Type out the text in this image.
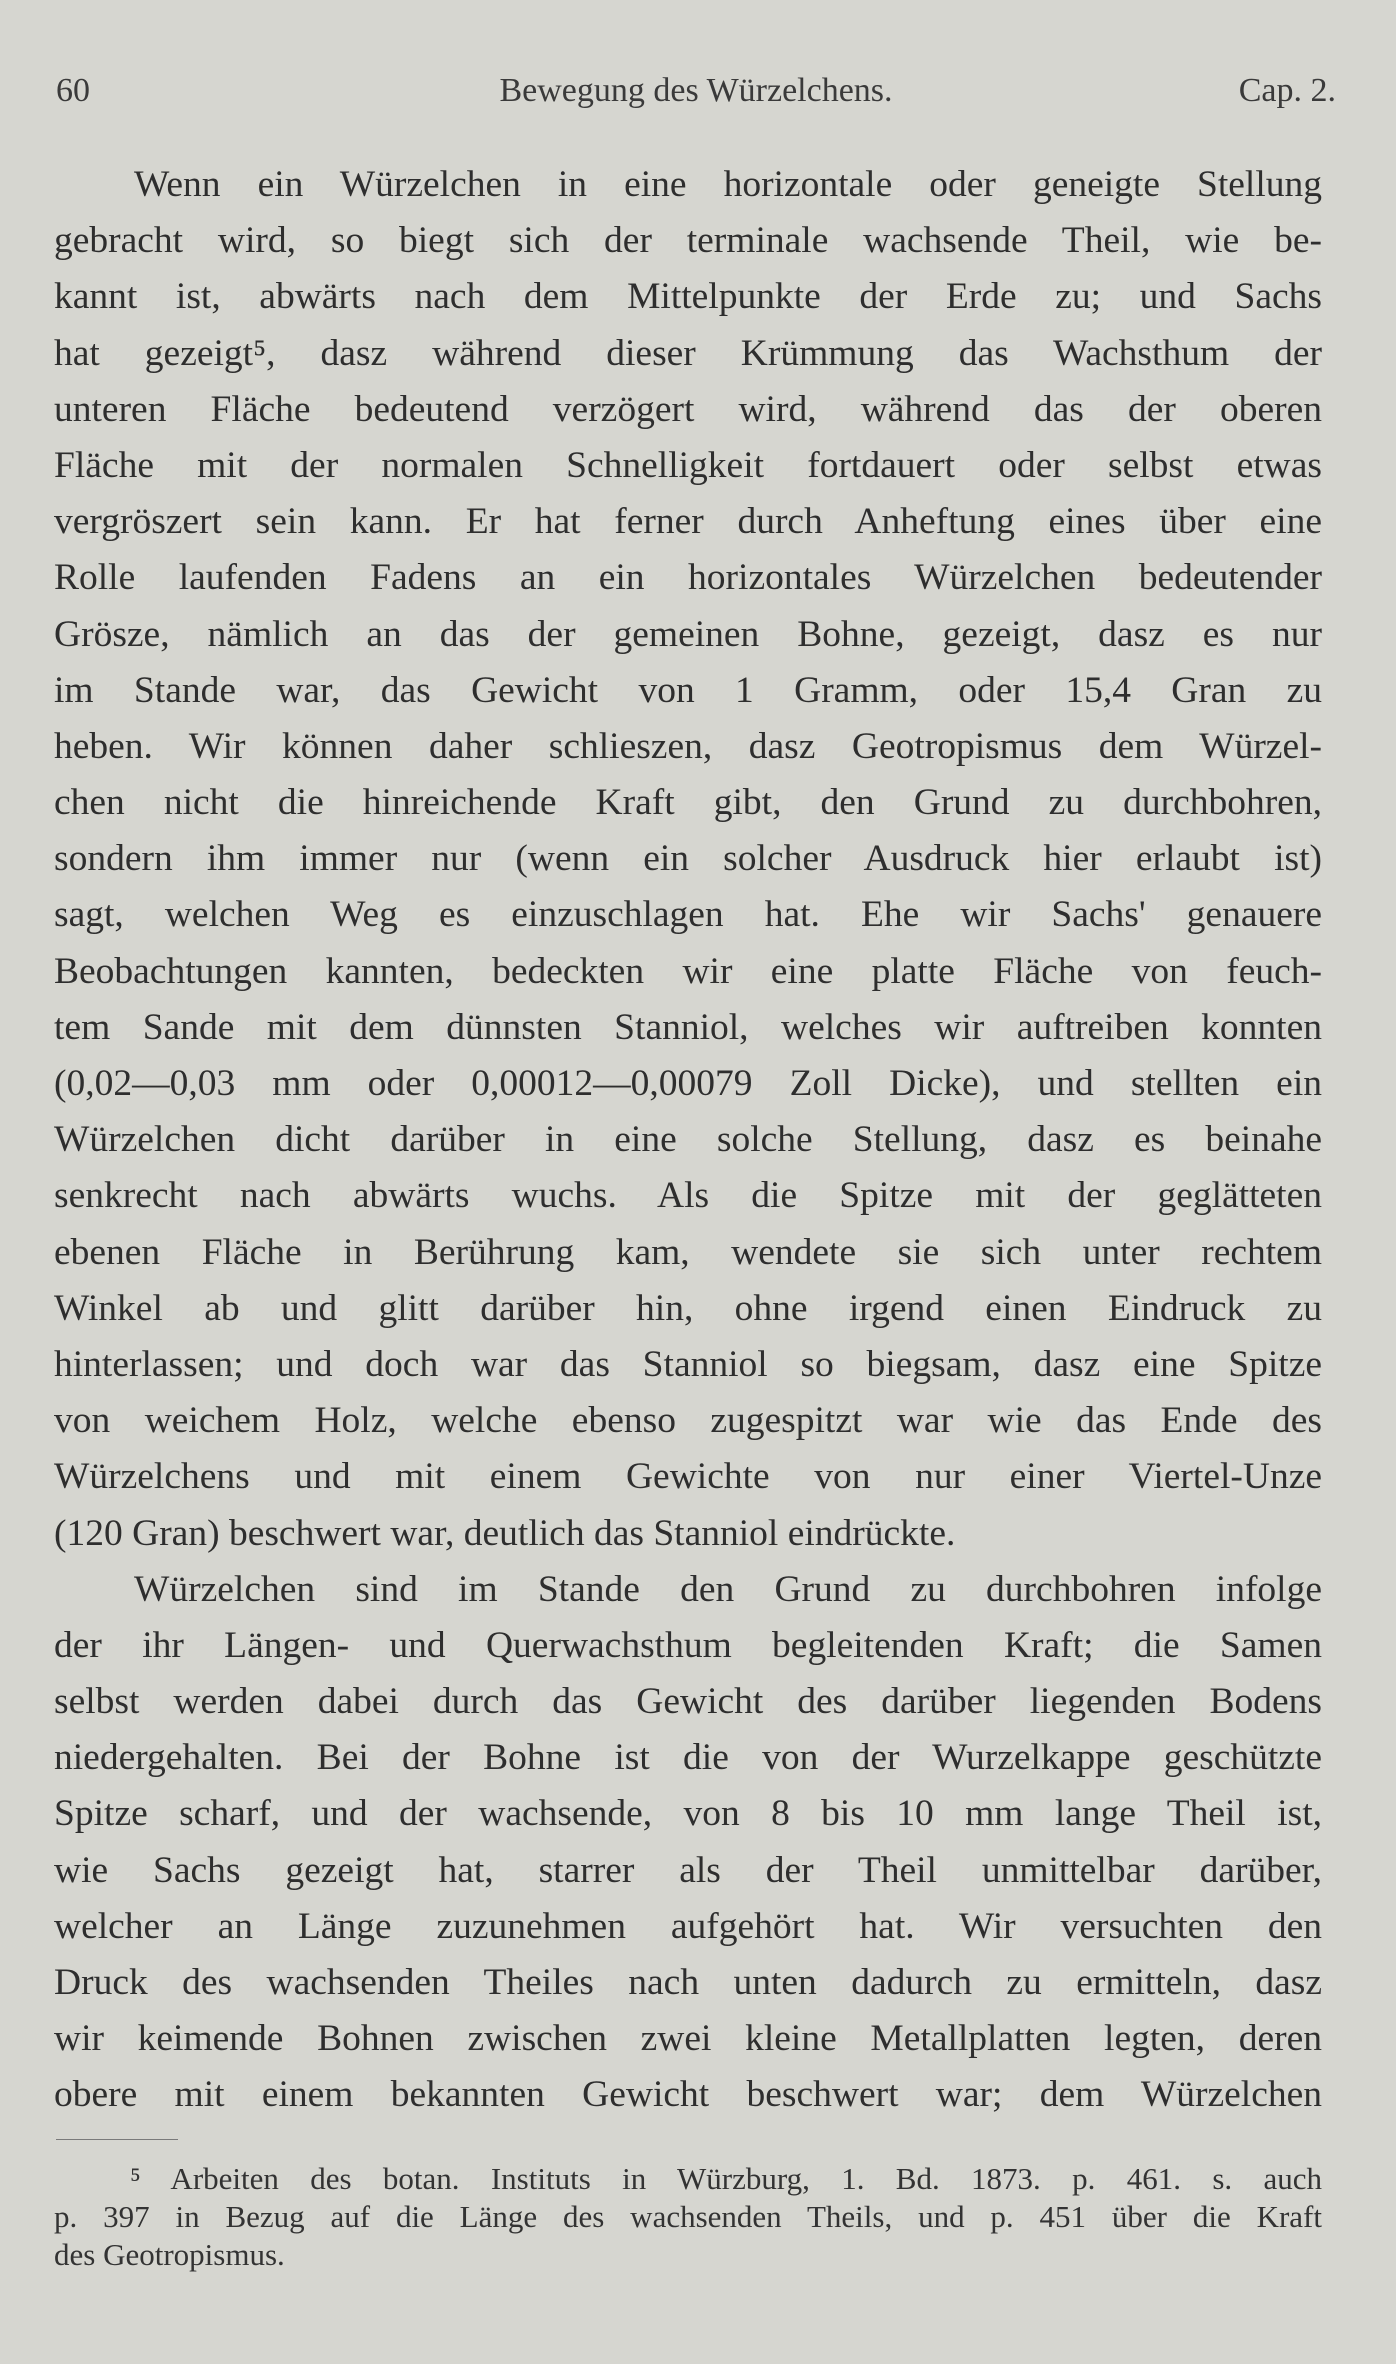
60	Bewegung des Würzelchens.	Cap. 2.
Wenn ein Würzelchen in eine horizontale oder geneigte Stellung
gebracht wird, so biegt sich der terminale wachsende Theil, wie be-
kannt ist, abwärts nach dem Mittelpunkte der Erde zu; und Sachs
hat gezeigt⁵, dasz während dieser Krümmung das Wachsthum der
unteren Fläche bedeutend verzögert wird, während das der oberen
Fläche mit der normalen Schnelligkeit fortdauert oder selbst etwas
vergröszert sein kann. Er hat ferner durch Anheftung eines über eine
Rolle laufenden Fadens an ein horizontales Würzelchen bedeutender
Grösze, nämlich an das der gemeinen Bohne, gezeigt, dasz es nur
im Stande war, das Gewicht von 1 Gramm, oder 15,4 Gran zu
heben. Wir können daher schlieszen, dasz Geotropismus dem Würzel-
chen nicht die hinreichende Kraft gibt, den Grund zu durchbohren,
sondern ihm immer nur (wenn ein solcher Ausdruck hier erlaubt ist)
sagt, welchen Weg es einzuschlagen hat. Ehe wir Sachs' genauere
Beobachtungen kannten, bedeckten wir eine platte Fläche von feuch-
tem Sande mit dem dünnsten Stanniol, welches wir auftreiben konnten
(0,02—0,03 mm oder 0,00012—0,00079 Zoll Dicke), und stellten ein
Würzelchen dicht darüber in eine solche Stellung, dasz es beinahe
senkrecht nach abwärts wuchs. Als die Spitze mit der geglätteten
ebenen Fläche in Berührung kam, wendete sie sich unter rechtem
Winkel ab und glitt darüber hin, ohne irgend einen Eindruck zu
hinterlassen; und doch war das Stanniol so biegsam, dasz eine Spitze
von weichem Holz, welche ebenso zugespitzt war wie das Ende des
Würzelchens und mit einem Gewichte von nur einer Viertel-Unze
(120 Gran) beschwert war, deutlich das Stanniol eindrückte.
Würzelchen sind im Stande den Grund zu durchbohren infolge
der ihr Längen- und Querwachsthum begleitenden Kraft; die Samen
selbst werden dabei durch das Gewicht des darüber liegenden Bodens
niedergehalten. Bei der Bohne ist die von der Wurzelkappe geschützte
Spitze scharf, und der wachsende, von 8 bis 10 mm lange Theil ist,
wie Sachs gezeigt hat, starrer als der Theil unmittelbar darüber,
welcher an Länge zuzunehmen aufgehört hat. Wir versuchten den
Druck des wachsenden Theiles nach unten dadurch zu ermitteln, dasz
wir keimende Bohnen zwischen zwei kleine Metallplatten legten, deren
obere mit einem bekannten Gewicht beschwert war; dem Würzelchen
⁵ Arbeiten des botan. Instituts in Würzburg, 1. Bd. 1873. p. 461. s. auch
p. 397 in Bezug auf die Länge des wachsenden Theils, und p. 451 über die Kraft
des Geotropismus.
